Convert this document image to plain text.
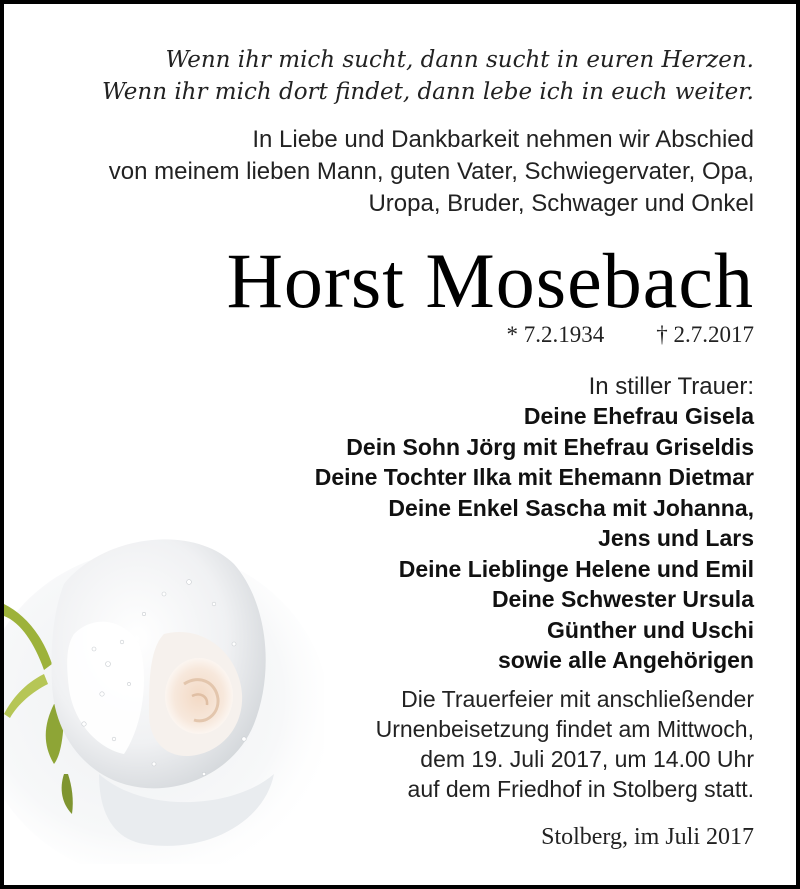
Wenn ihr mich sucht, dann sucht in euren Herzen.
Wenn ihr mich dort findet, dann lebe ich in euch weiter.
In Liebe und Dankbarkeit nehmen wir Abschied
von meinem lieben Mann, guten Vater, Schwiegervater, Opa,
Uropa, Bruder, Schwager und Onkel
Horst Mosebach
* 7.2.1934 † 2.7.2017
In stiller Trauer:
Deine Ehefrau Gisela
Dein Sohn Jörg mit Ehefrau Griseldis
Deine Tochter Ilka mit Ehemann Dietmar
Deine Enkel Sascha mit Johanna,
Jens und Lars
Deine Lieblinge Helene und Emil
Deine Schwester Ursula
Günther und Uschi
sowie alle Angehörigen
Die Trauerfeier mit anschließender
Urnenbeisetzung findet am Mittwoch,
dem 19. Juli 2017, um 14.00 Uhr
auf dem Friedhof in Stolberg statt.
Stolberg, im Juli 2017
